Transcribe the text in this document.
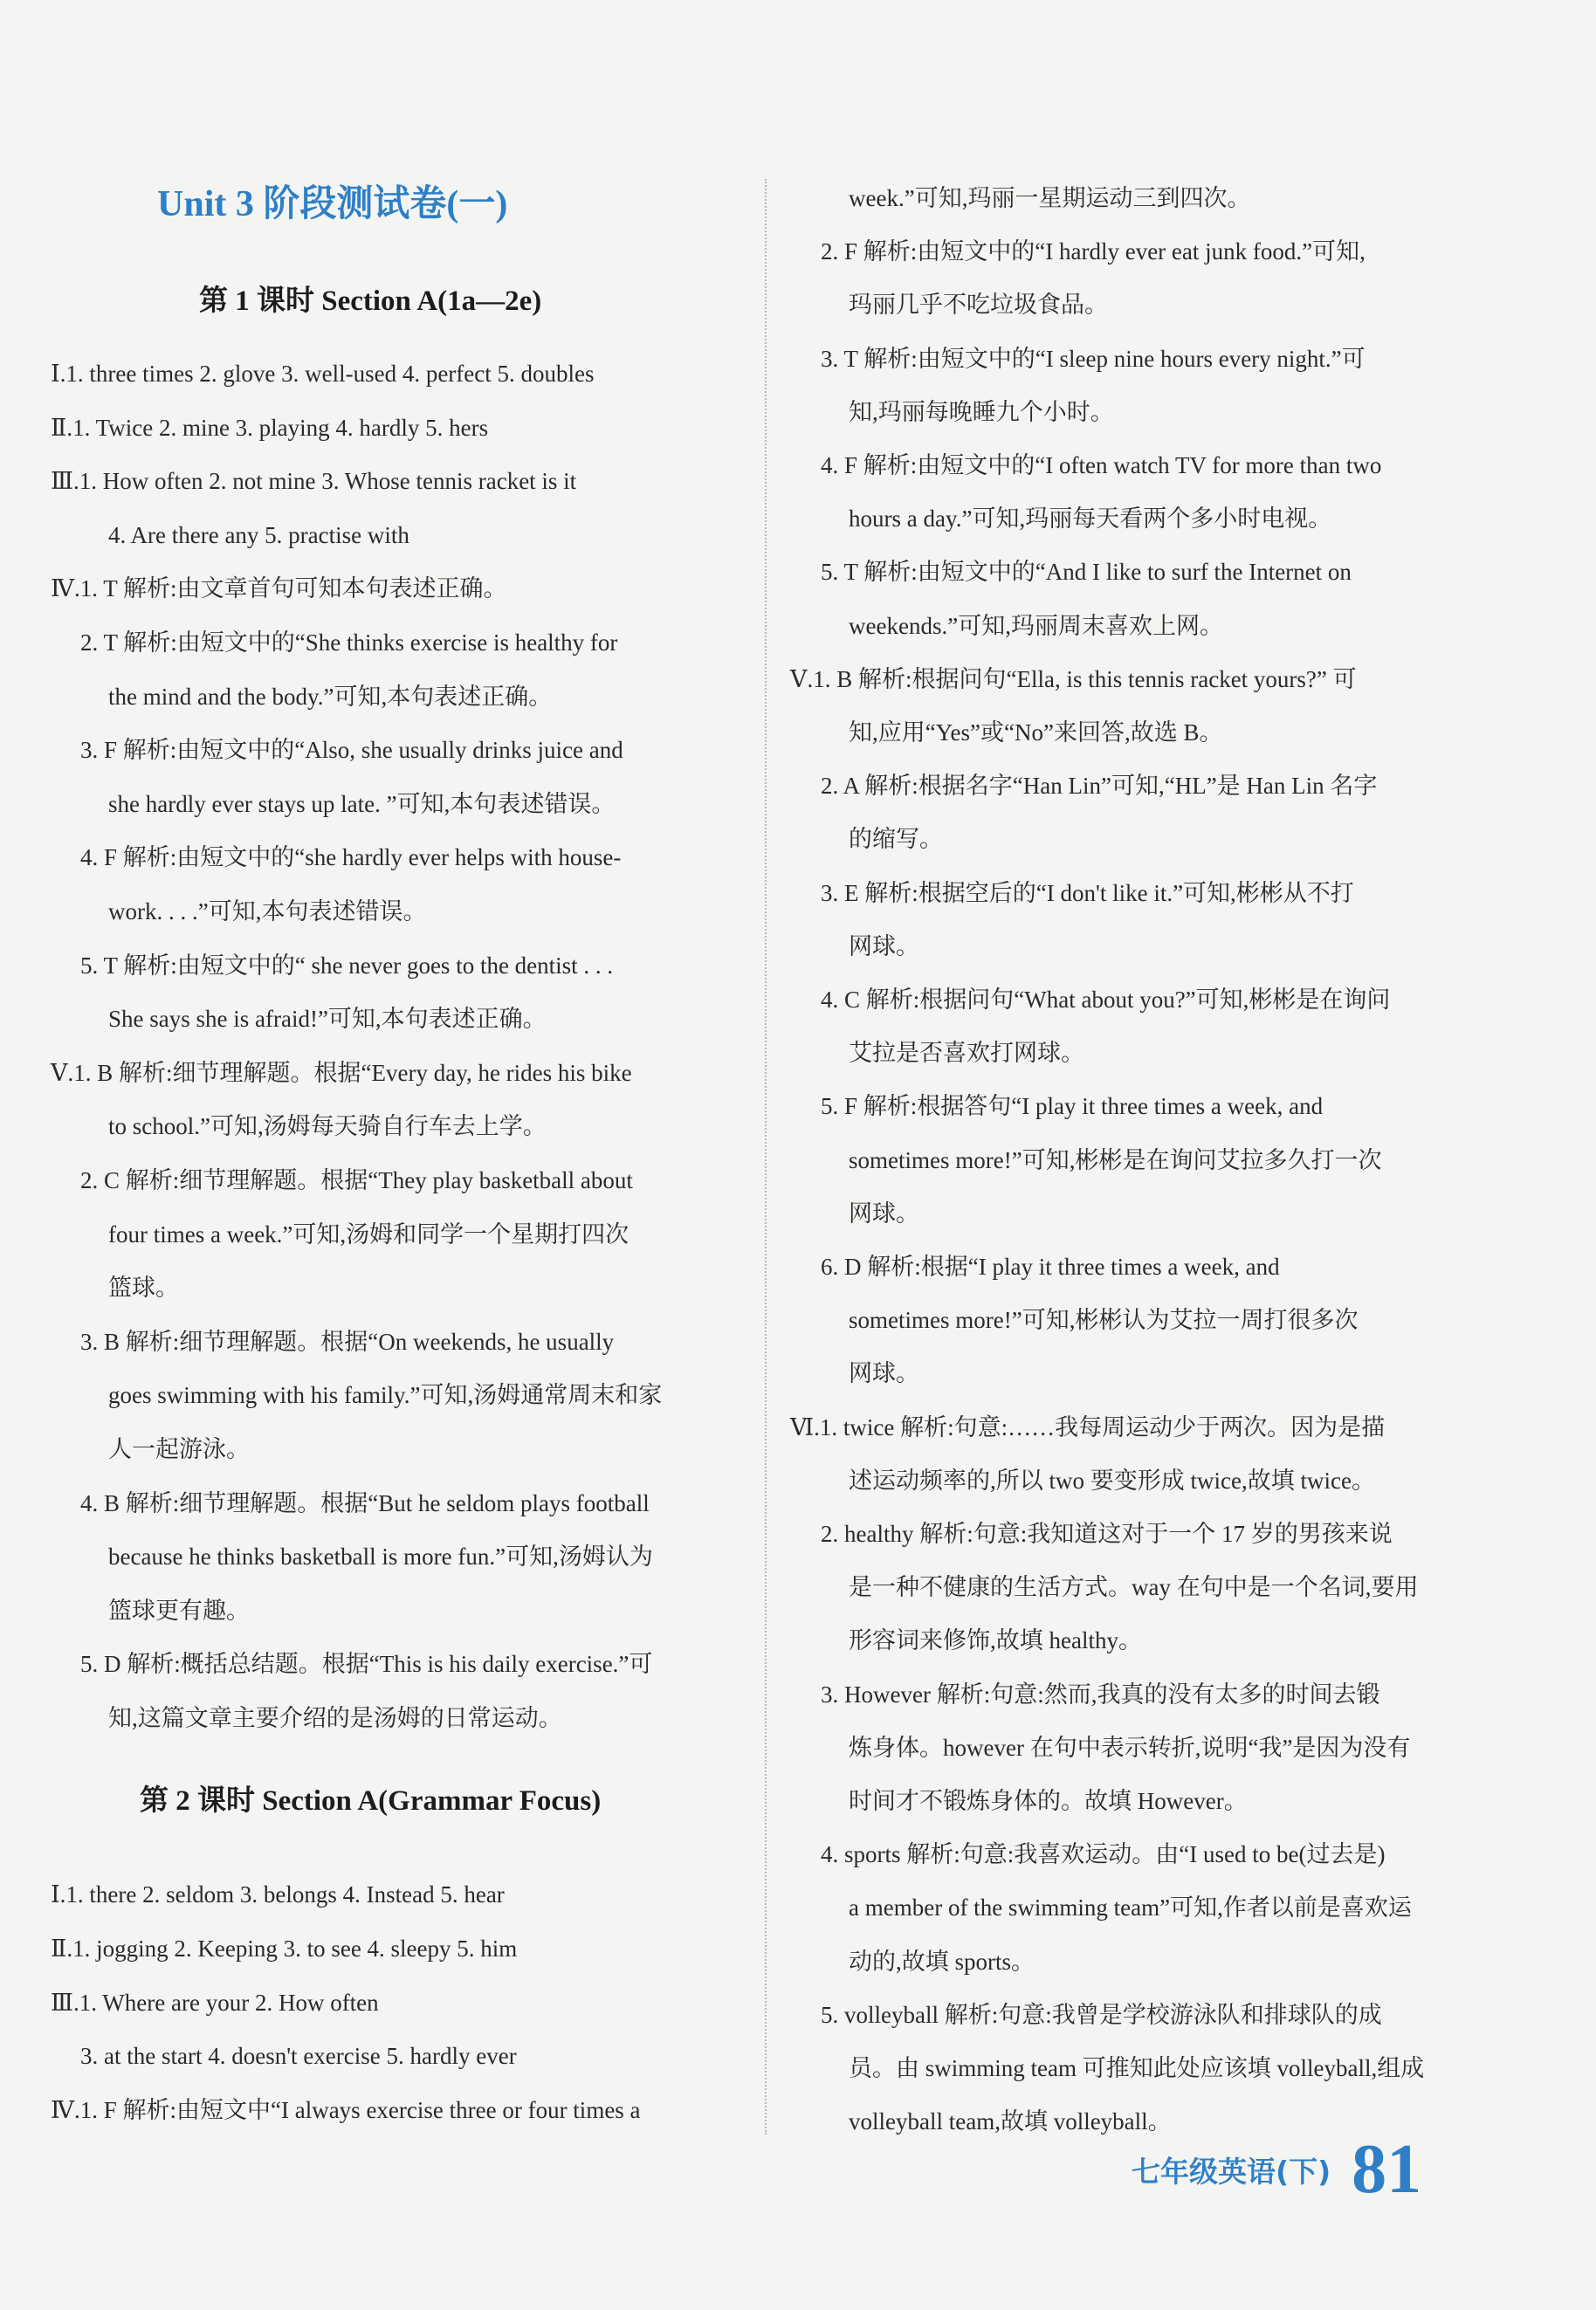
Unit 3 阶段测试卷(一)
第 1 课时 Section A(1a—2e)
Ⅰ.1. three times 2. glove 3. well-used 4. perfect 5. doubles
Ⅱ.1. Twice 2. mine 3. playing 4. hardly 5. hers
Ⅲ.1. How often 2. not mine 3. Whose tennis racket is it
4. Are there any 5. practise with
Ⅳ.1. T 解析:由文章首句可知本句表述正确。
2. T 解析:由短文中的“She thinks exercise is healthy for
the mind and the body.”可知,本句表述正确。
3. F 解析:由短文中的“Also, she usually drinks juice and
she hardly ever stays up late. ”可知,本句表述错误。
4. F 解析:由短文中的“she hardly ever helps with house-
work. . . .”可知,本句表述错误。
5. T 解析:由短文中的“ she never goes to the dentist . . .
She says she is afraid!”可知,本句表述正确。
Ⅴ.1. B 解析:细节理解题。根据“Every day, he rides his bike
to school.”可知,汤姆每天骑自行车去上学。
2. C 解析:细节理解题。根据“They play basketball about
four times a week.”可知,汤姆和同学一个星期打四次
篮球。
3. B 解析:细节理解题。根据“On weekends, he usually
goes swimming with his family.”可知,汤姆通常周末和家
人一起游泳。
4. B 解析:细节理解题。根据“But he seldom plays football
because he thinks basketball is more fun.”可知,汤姆认为
篮球更有趣。
5. D 解析:概括总结题。根据“This is his daily exercise.”可
知,这篇文章主要介绍的是汤姆的日常运动。
第 2 课时 Section A(Grammar Focus)
Ⅰ.1. there 2. seldom 3. belongs 4. Instead 5. hear
Ⅱ.1. jogging 2. Keeping 3. to see 4. sleepy 5. him
Ⅲ.1. Where are your 2. How often
3. at the start 4. doesn't exercise 5. hardly ever
Ⅳ.1. F 解析:由短文中“I always exercise three or four times a
week.”可知,玛丽一星期运动三到四次。
2. F 解析:由短文中的“I hardly ever eat junk food.”可知,
玛丽几乎不吃垃圾食品。
3. T 解析:由短文中的“I sleep nine hours every night.”可
知,玛丽每晚睡九个小时。
4. F 解析:由短文中的“I often watch TV for more than two
hours a day.”可知,玛丽每天看两个多小时电视。
5. T 解析:由短文中的“And I like to surf the Internet on
weekends.”可知,玛丽周末喜欢上网。
Ⅴ.1. B 解析:根据问句“Ella, is this tennis racket yours?” 可
知,应用“Yes”或“No”来回答,故选 B。
2. A 解析:根据名字“Han Lin”可知,“HL”是 Han Lin 名字
的缩写。
3. E 解析:根据空后的“I don't like it.”可知,彬彬从不打
网球。
4. C 解析:根据问句“What about you?”可知,彬彬是在询问
艾拉是否喜欢打网球。
5. F 解析:根据答句“I play it three times a week, and
sometimes more!”可知,彬彬是在询问艾拉多久打一次
网球。
6. D 解析:根据“I play it three times a week, and
sometimes more!”可知,彬彬认为艾拉一周打很多次
网球。
Ⅵ.1. twice 解析:句意:……我每周运动少于两次。因为是描
述运动频率的,所以 two 要变形成 twice,故填 twice。
2. healthy 解析:句意:我知道这对于一个 17 岁的男孩来说
是一种不健康的生活方式。way 在句中是一个名词,要用
形容词来修饰,故填 healthy。
3. However 解析:句意:然而,我真的没有太多的时间去锻
炼身体。however 在句中表示转折,说明“我”是因为没有
时间才不锻炼身体的。故填 However。
4. sports 解析:句意:我喜欢运动。由“I used to be(过去是)
a member of the swimming team”可知,作者以前是喜欢运
动的,故填 sports。
5. volleyball 解析:句意:我曾是学校游泳队和排球队的成
员。由 swimming team 可推知此处应该填 volleyball,组成
volleyball team,故填 volleyball。
七年级英语(下) 81
